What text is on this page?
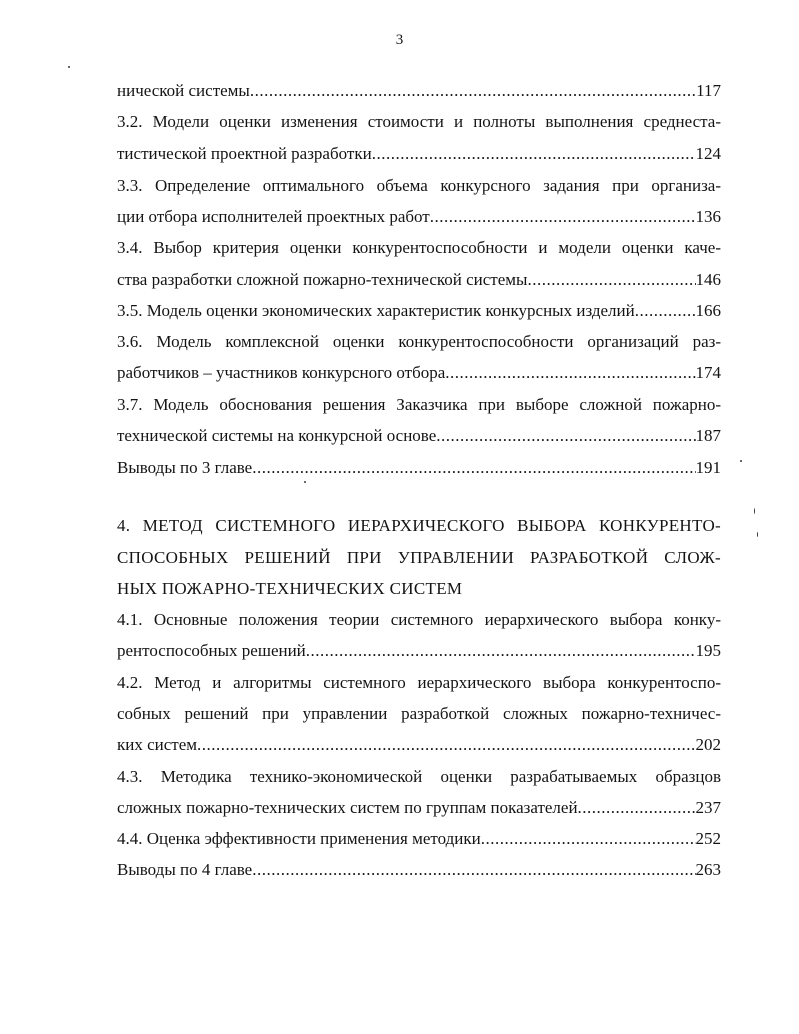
3
нической системы .....	117
3.2. Модели оценки изменения стоимости и полноты выполнения среднеста-
тистической проектной разработки .....	124
3.3. Определение оптимального объема конкурсного задания при организа-
ции отбора исполнителей проектных работ .....	136
3.4. Выбор критерия оценки конкурентоспособности и модели оценки каче-
ства разработки сложной пожарно-технической системы .....	146
3.5. Модель оценки экономических характеристик конкурсных изделий .....	166
3.6. Модель комплексной оценки конкурентоспособности организаций раз-
работчиков – участников конкурсного отбора .....	174
3.7. Модель обоснования решения Заказчика при выборе сложной пожарно-
технической системы на конкурсной основе .....	187
Выводы по 3 главе .....	191
4. МЕТОД СИСТЕМНОГО ИЕРАРХИЧЕСКОГО ВЫБОРА КОНКУРЕНТО-
СПОСОБНЫХ РЕШЕНИЙ ПРИ УПРАВЛЕНИИ РАЗРАБОТКОЙ СЛОЖ-
НЫХ ПОЖАРНО-ТЕХНИЧЕСКИХ СИСТЕМ
4.1. Основные положения теории системного иерархического выбора конку-
рентоспособных решений .....	195
4.2. Метод и алгоритмы системного иерархического выбора конкурентоспо-
собных решений при управлении разработкой сложных пожарно-техничес-
ких систем .....	202
4.3. Методика технико-экономической оценки разрабатываемых образцов
сложных пожарно-технических систем по группам показателей .....	237
4.4. Оценка эффективности применения методики .....	252
Выводы по 4 главе .....	263
